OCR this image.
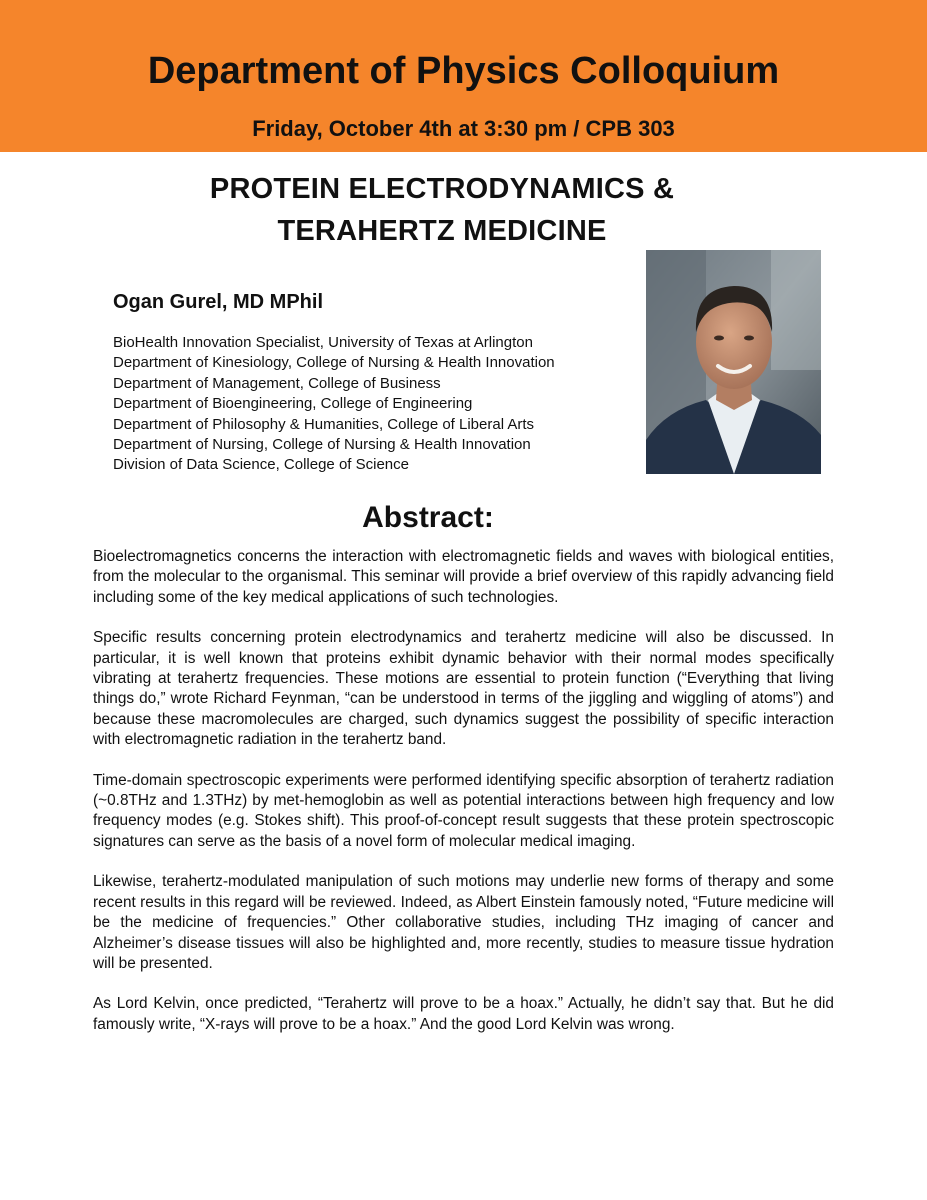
Department of Physics Colloquium
Friday, October 4th at 3:30 pm / CPB 303
PROTEIN ELECTRODYNAMICS &
TERAHERTZ MEDICINE
Ogan Gurel, MD MPhil
BioHealth Innovation Specialist, University of Texas at Arlington
Department of Kinesiology, College of Nursing & Health Innovation
Department of Management, College of Business
Department of Bioengineering, College of Engineering
Department of Philosophy & Humanities, College of Liberal Arts
Department of Nursing, College of Nursing & Health Innovation
Division of Data Science, College of Science
Abstract:

Bioelectromagnetics concerns the interaction with electromagnetic fields and waves with biological entities, from the molecular to the organismal. This seminar will provide a brief overview of this rapidly advancing field including some of the key medical applications of such technologies.

Specific results concerning protein electrodynamics and terahertz medicine will also be discussed. In particular, it is well known that proteins exhibit dynamic behavior with their normal modes specifically vibrating at terahertz frequencies. These motions are essential to protein function (“Everything that living things do,” wrote Richard Feynman, “can be understood in terms of the jiggling and wiggling of atoms”) and because these macromolecules are charged, such dynamics suggest the possibility of specific interaction with electromagnetic radiation in the terahertz band.

Time-domain spectroscopic experiments were performed identifying specific absorption of terahertz radiation (~0.8THz and 1.3THz) by met-hemoglobin as well as potential interactions between high frequency and low frequency modes (e.g. Stokes shift). This proof-of-concept result suggests that these protein spectroscopic signatures can serve as the basis of a novel form of molecular medical imaging.

Likewise, terahertz-modulated manipulation of such motions may underlie new forms of therapy and some recent results in this regard will be reviewed. Indeed, as Albert Einstein famously noted, “Future medicine will be the medicine of frequencies.” Other collaborative studies, including THz imaging of cancer and Alzheimer’s disease tissues will also be highlighted and, more recently, studies to measure tissue hydration will be presented.

As Lord Kelvin, once predicted, “Terahertz will prove to be a hoax.” Actually, he didn’t say that. But he did famously write, “X-rays will prove to be a hoax.” And the good Lord Kelvin was wrong.
